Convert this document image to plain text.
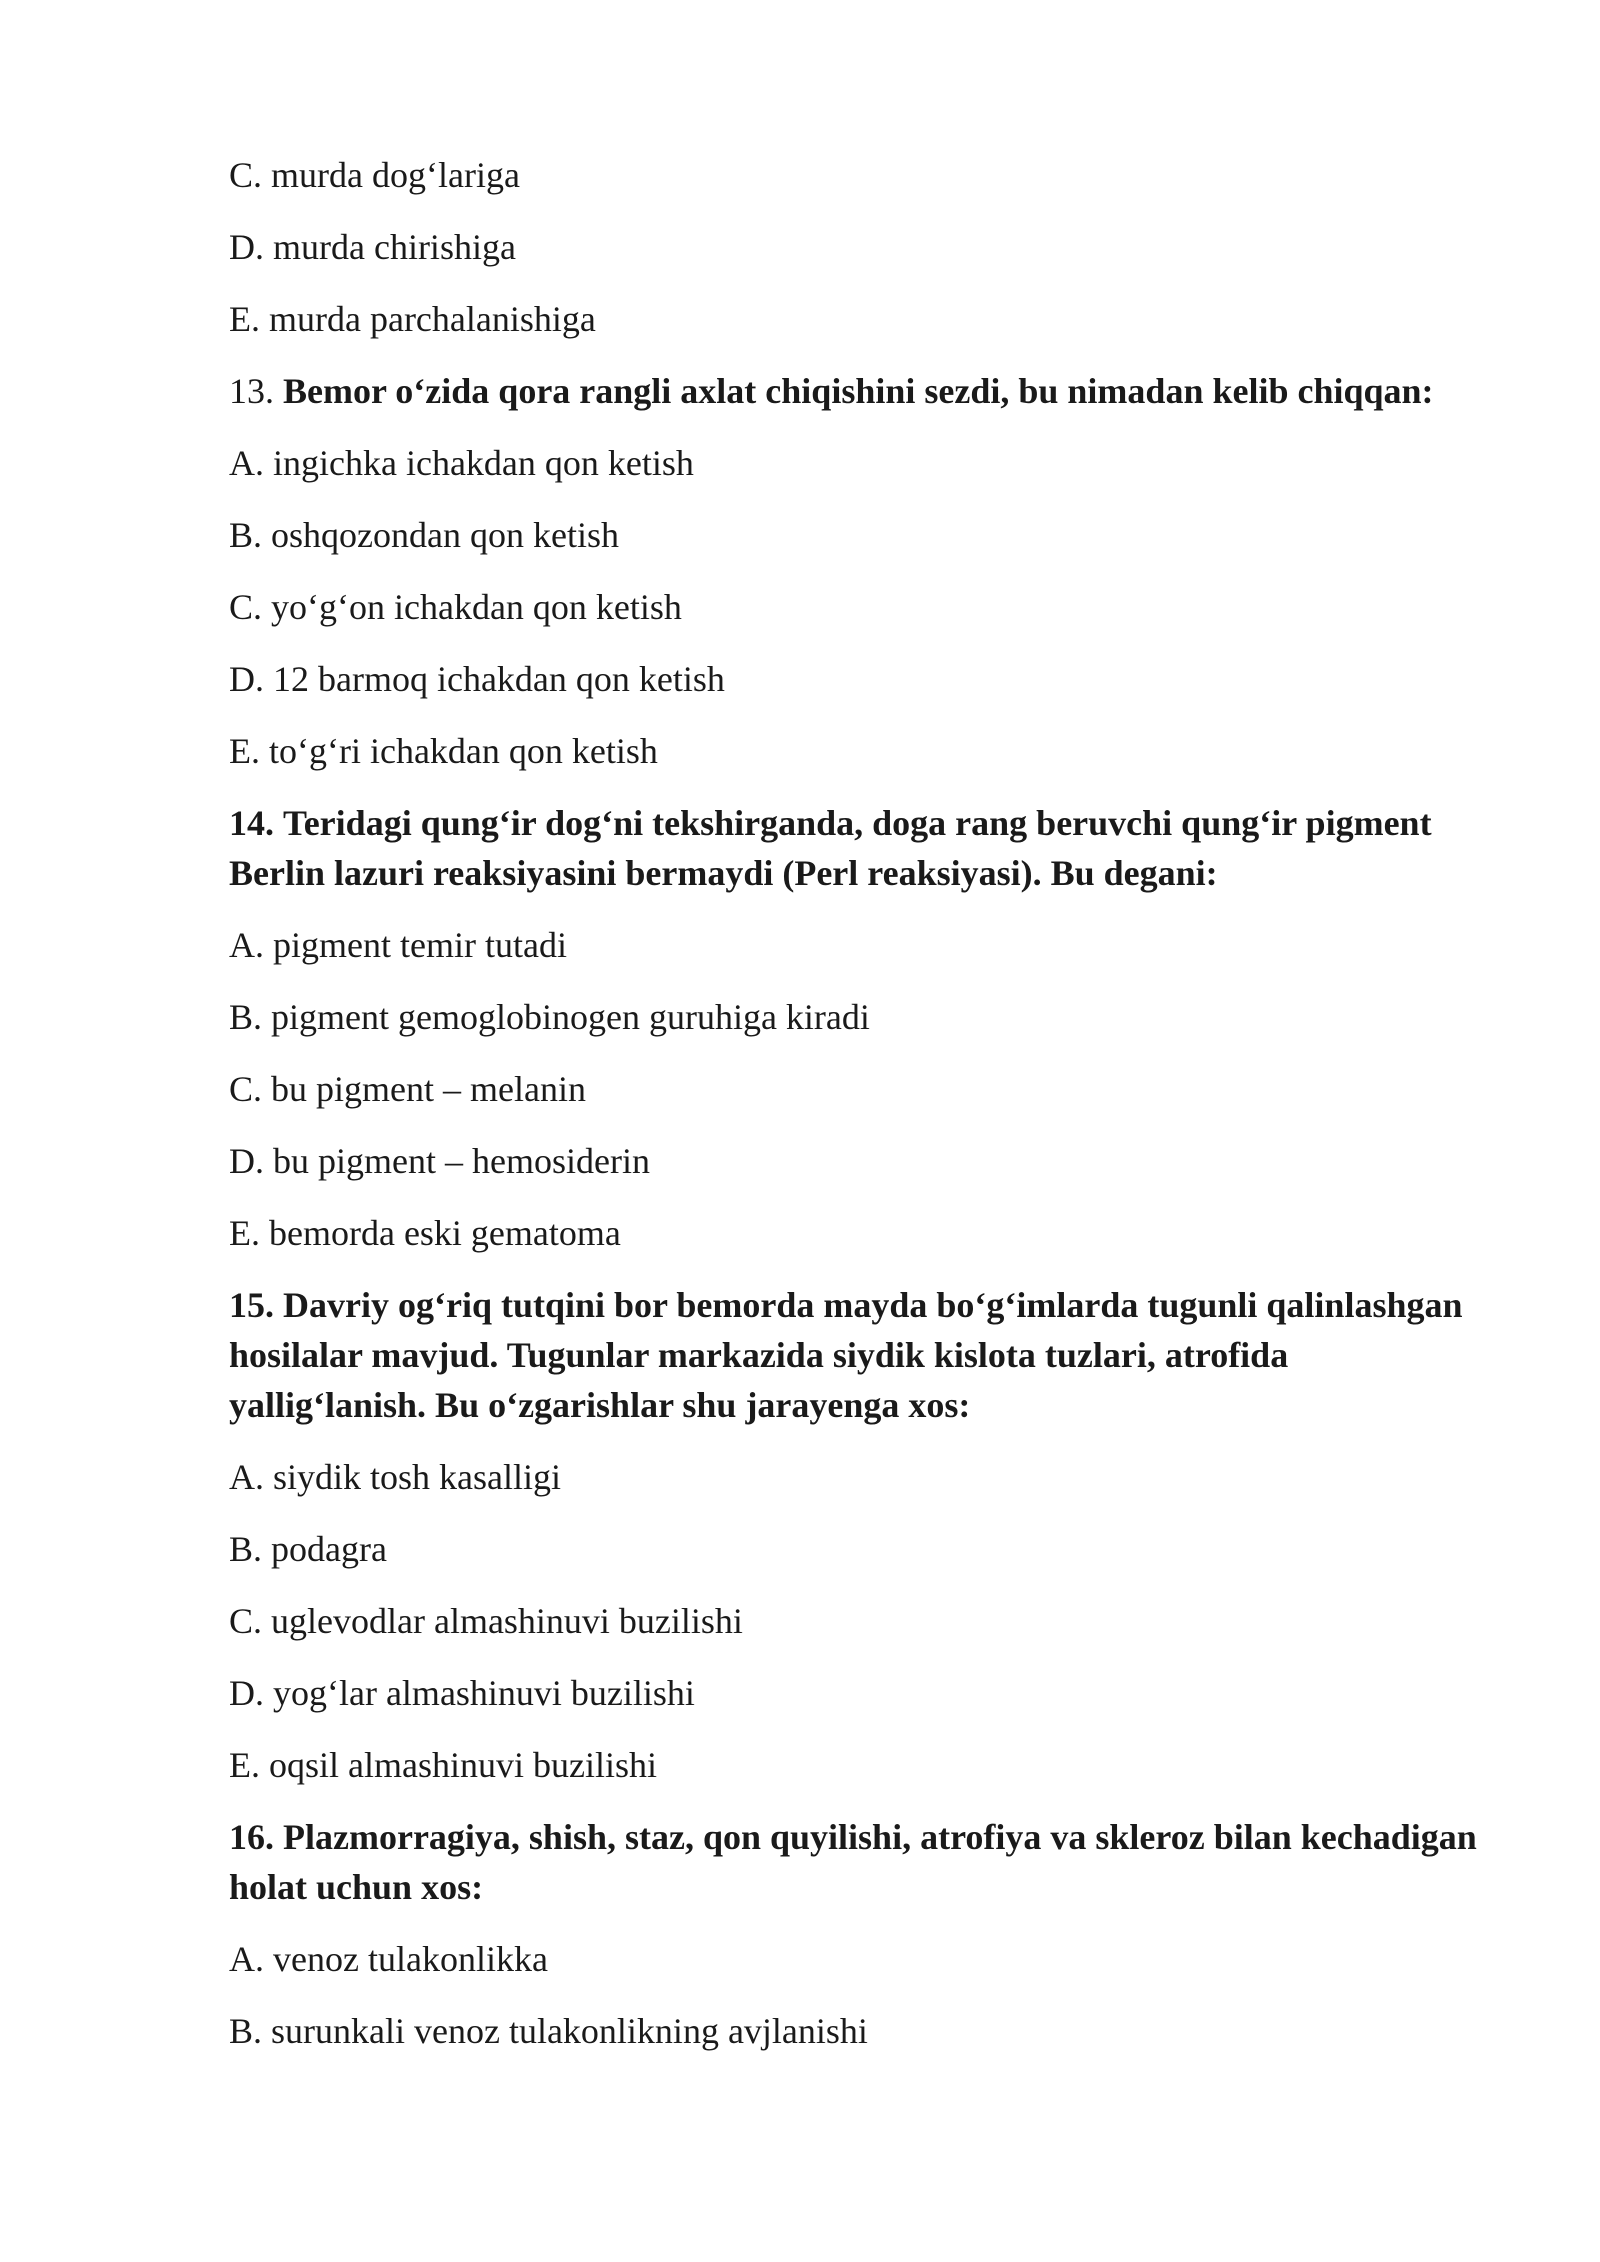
C. murda dog‘lariga
D. murda chirishiga
E. murda parchalanishiga
13. Bemor o‘zida qora rangli axlat chiqishini sezdi, bu nimadan kelib chiqqan:
A. ingichka ichakdan qon ketish
B. oshqozondan qon ketish
C. yo‘g‘on ichakdan qon ketish
D. 12 barmoq ichakdan qon ketish
E. to‘g‘ri ichakdan qon ketish
14. Teridagi qung‘ir dog‘ni tekshirganda, doga rang beruvchi qung‘ir pigment Berlin lazuri reaksiyasini bermaydi (Perl reaksiyasi). Bu degani:
A. pigment temir tutadi
B. pigment gemoglobinogen guruhiga kiradi
C. bu pigment – melanin
D. bu pigment – hemosiderin
E. bemorda eski gematoma
15. Davriy og‘riq tutqini bor bemorda mayda bo‘g‘imlarda tugunli qalinlashgan hosilalar mavjud. Tugunlar markazida siydik kislota tuzlari, atrofida yallig‘lanish. Bu o‘zgarishlar shu jarayenga xos:
A. siydik tosh kasalligi
B. podagra
C. uglevodlar almashinuvi buzilishi
D. yog‘lar almashinuvi buzilishi
E. oqsil almashinuvi buzilishi
16. Plazmorragiya, shish, staz, qon quyilishi, atrofiya va skleroz bilan kechadigan holat uchun xos:
A. venoz tulakonlikka
B. surunkali venoz tulakonlikning avjlanishi
